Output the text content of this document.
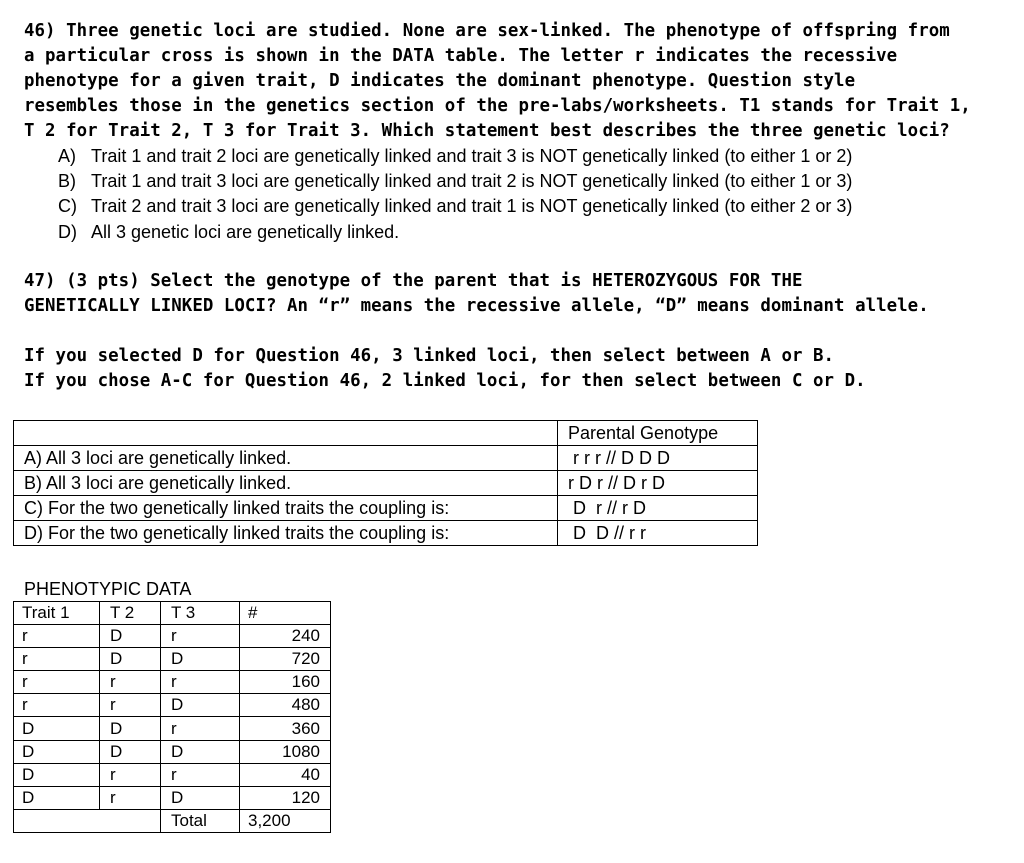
46) Three genetic loci are studied. None are sex-linked. The phenotype of offspring from
a particular cross is shown in the DATA table. The letter r indicates the recessive
phenotype for a given trait, D indicates the dominant phenotype. Question style
resembles those in the genetics section of the pre-labs/worksheets. T1 stands for Trait 1,
T 2 for Trait 2, T 3 for Trait 3. Which statement best describes the three genetic loci?
A) Trait 1 and trait 2 loci are genetically linked and trait 3 is NOT genetically linked (to either 1 or 2)
B) Trait 1 and trait 3 loci are genetically linked and trait 2 is NOT genetically linked (to either 1 or 3)
C) Trait 2 and trait 3 loci are genetically linked and trait 1 is NOT genetically linked (to either 2 or 3)
D) All 3 genetic loci are genetically linked.
47) (3 pts) Select the genotype of the parent that is HETEROZYGOUS FOR THE
GENETICALLY LINKED LOCI? An “r” means the recessive allele, “D” means dominant allele.
If you selected D for Question 46, 3 linked loci, then select between A or B.
If you chose A-C for Question 46, 2 linked loci, for then select between C or D.
	Parental Genotype
A) All 3 loci are genetically linked.	r r r // D D D
B) All 3 loci are genetically linked.	r D r // D r D
C) For the two genetically linked traits the coupling is:	D  r // r D
D) For the two genetically linked traits the coupling is:	D  D // r r
PHENOTYPIC DATA
Trait 1	T 2	T 3	#
r	D	r	240
r	D	D	720
r	r	r	160
r	r	D	480
D	D	r	360
D	D	D	1080
D	r	r	40
D	r	D	120
		Total	3,200
